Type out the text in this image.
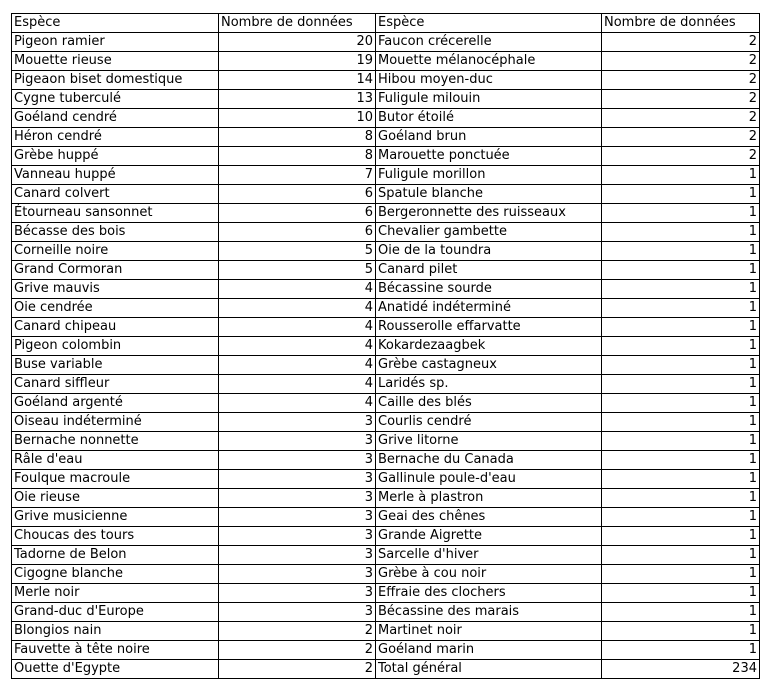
Espèce	Nombre de données	Espèce	Nombre de données
Pigeon ramier	20	Faucon crécerelle	2
Mouette rieuse	19	Mouette mélanocéphale	2
Pigeaon biset domestique	14	Hibou moyen-duc	2
Cygne tuberculé	13	Fuligule milouin	2
Goéland cendré	10	Butor étoilé	2
Héron cendré	8	Goéland brun	2
Grèbe huppé	8	Marouette ponctuée	2
Vanneau huppé	7	Fuligule morillon	1
Canard colvert	6	Spatule blanche	1
Étourneau sansonnet	6	Bergeronnette des ruisseaux	1
Bécasse des bois	6	Chevalier gambette	1
Corneille noire	5	Oie de la toundra	1
Grand Cormoran	5	Canard pilet	1
Grive mauvis	4	Bécassine sourde	1
Oie cendrée	4	Anatidé indéterminé	1
Canard chipeau	4	Rousserolle effarvatte	1
Pigeon colombin	4	Kokardezaagbek	1
Buse variable	4	Grèbe castagneux	1
Canard siffleur	4	Laridés sp.	1
Goéland argenté	4	Caille des blés	1
Oiseau indéterminé	3	Courlis cendré	1
Bernache nonnette	3	Grive litorne	1
Râle d'eau	3	Bernache du Canada	1
Foulque macroule	3	Gallinule poule-d'eau	1
Oie rieuse	3	Merle à plastron	1
Grive musicienne	3	Geai des chênes	1
Choucas des tours	3	Grande Aigrette	1
Tadorne de Belon	3	Sarcelle d'hiver	1
Cigogne blanche	3	Grèbe à cou noir	1
Merle noir	3	Effraie des clochers	1
Grand-duc d'Europe	3	Bécassine des marais	1
Blongios nain	2	Martinet noir	1
Fauvette à tête noire	2	Goéland marin	1
Ouette d'Egypte	2	Total général	234
